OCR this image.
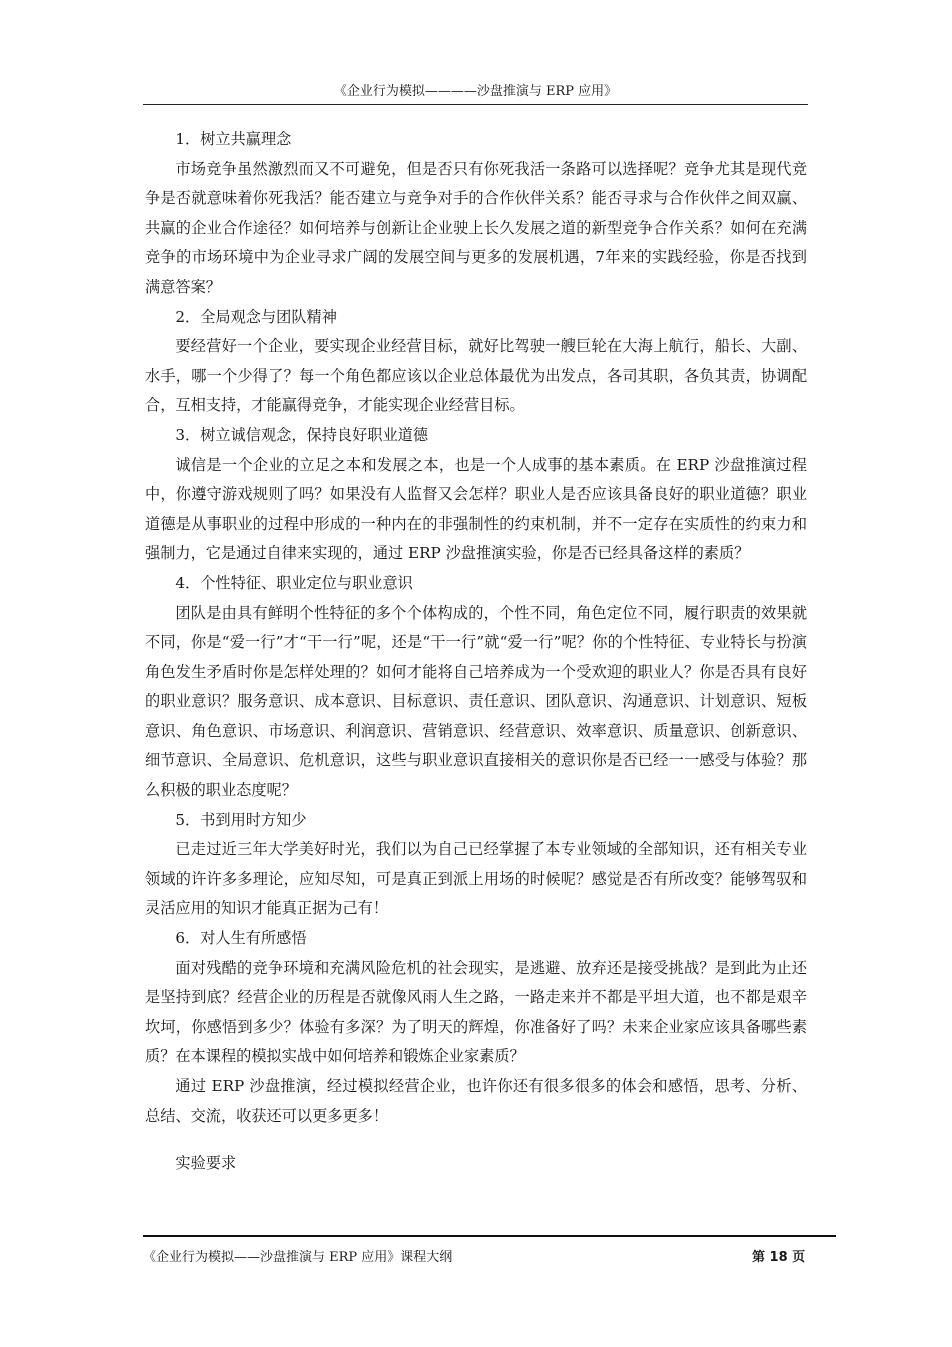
《企业行为模拟————沙盘推演与 ERP 应用》

1．树立共赢理念

市场竞争虽然激烈而又不可避免，但是否只有你死我活一条路可以选择呢？竞争尤其是现代竞争是否就意味着你死我活？能否建立与竞争对手的合作伙伴关系？能否寻求与合作伙伴之间双赢、共赢的企业合作途径？如何培养与创新让企业驶上长久发展之道的新型竞争合作关系？如何在充满竞争的市场环境中为企业寻求广阔的发展空间与更多的发展机遇，7年来的实践经验，你是否找到满意答案？

2．全局观念与团队精神

要经营好一个企业，要实现企业经营目标，就好比驾驶一艘巨轮在大海上航行，船长、大副、水手，哪一个少得了？每一个角色都应该以企业总体最优为出发点，各司其职，各负其责，协调配合，互相支持，才能赢得竞争，才能实现企业经营目标。

3．树立诚信观念，保持良好职业道德

诚信是一个企业的立足之本和发展之本，也是一个人成事的基本素质。在 ERP 沙盘推演过程中，你遵守游戏规则了吗？如果没有人监督又会怎样？职业人是否应该具备良好的职业道德？职业道德是从事职业的过程中形成的一种内在的非强制性的约束机制，并不一定存在实质性的约束力和强制力，它是通过自律来实现的，通过 ERP 沙盘推演实验，你是否已经具备这样的素质？

4．个性特征、职业定位与职业意识

团队是由具有鲜明个性特征的多个个体构成的，个性不同，角色定位不同，履行职责的效果就不同，你是“爱一行”才“干一行”呢，还是“干一行”就“爱一行”呢？你的个性特征、专业特长与扮演角色发生矛盾时你是怎样处理的？如何才能将自己培养成为一个受欢迎的职业人？你是否具有良好的职业意识？服务意识、成本意识、目标意识、责任意识、团队意识、沟通意识、计划意识、短板意识、角色意识、市场意识、利润意识、营销意识、经营意识、效率意识、质量意识、创新意识、细节意识、全局意识、危机意识，这些与职业意识直接相关的意识你是否已经一一感受与体验？那么积极的职业态度呢？

5．书到用时方知少

已走过近三年大学美好时光，我们以为自己已经掌握了本专业领域的全部知识，还有相关专业领域的许许多多理论，应知尽知，可是真正到派上用场的时候呢？感觉是否有所改变？能够驾驭和灵活应用的知识才能真正据为己有！

6．对人生有所感悟

面对残酷的竞争环境和充满风险危机的社会现实，是逃避、放弃还是接受挑战？是到此为止还是坚持到底？经营企业的历程是否就像风雨人生之路，一路走来并不都是平坦大道，也不都是艰辛坎坷，你感悟到多少？体验有多深？为了明天的辉煌，你准备好了吗？未来企业家应该具备哪些素质？在本课程的模拟实战中如何培养和锻炼企业家素质？

通过 ERP 沙盘推演，经过模拟经营企业，也许你还有很多很多的体会和感悟，思考、分析、总结、交流，收获还可以更多更多！

实验要求

《企业行为模拟——沙盘推演与 ERP 应用》课程大纲	第 18 页
